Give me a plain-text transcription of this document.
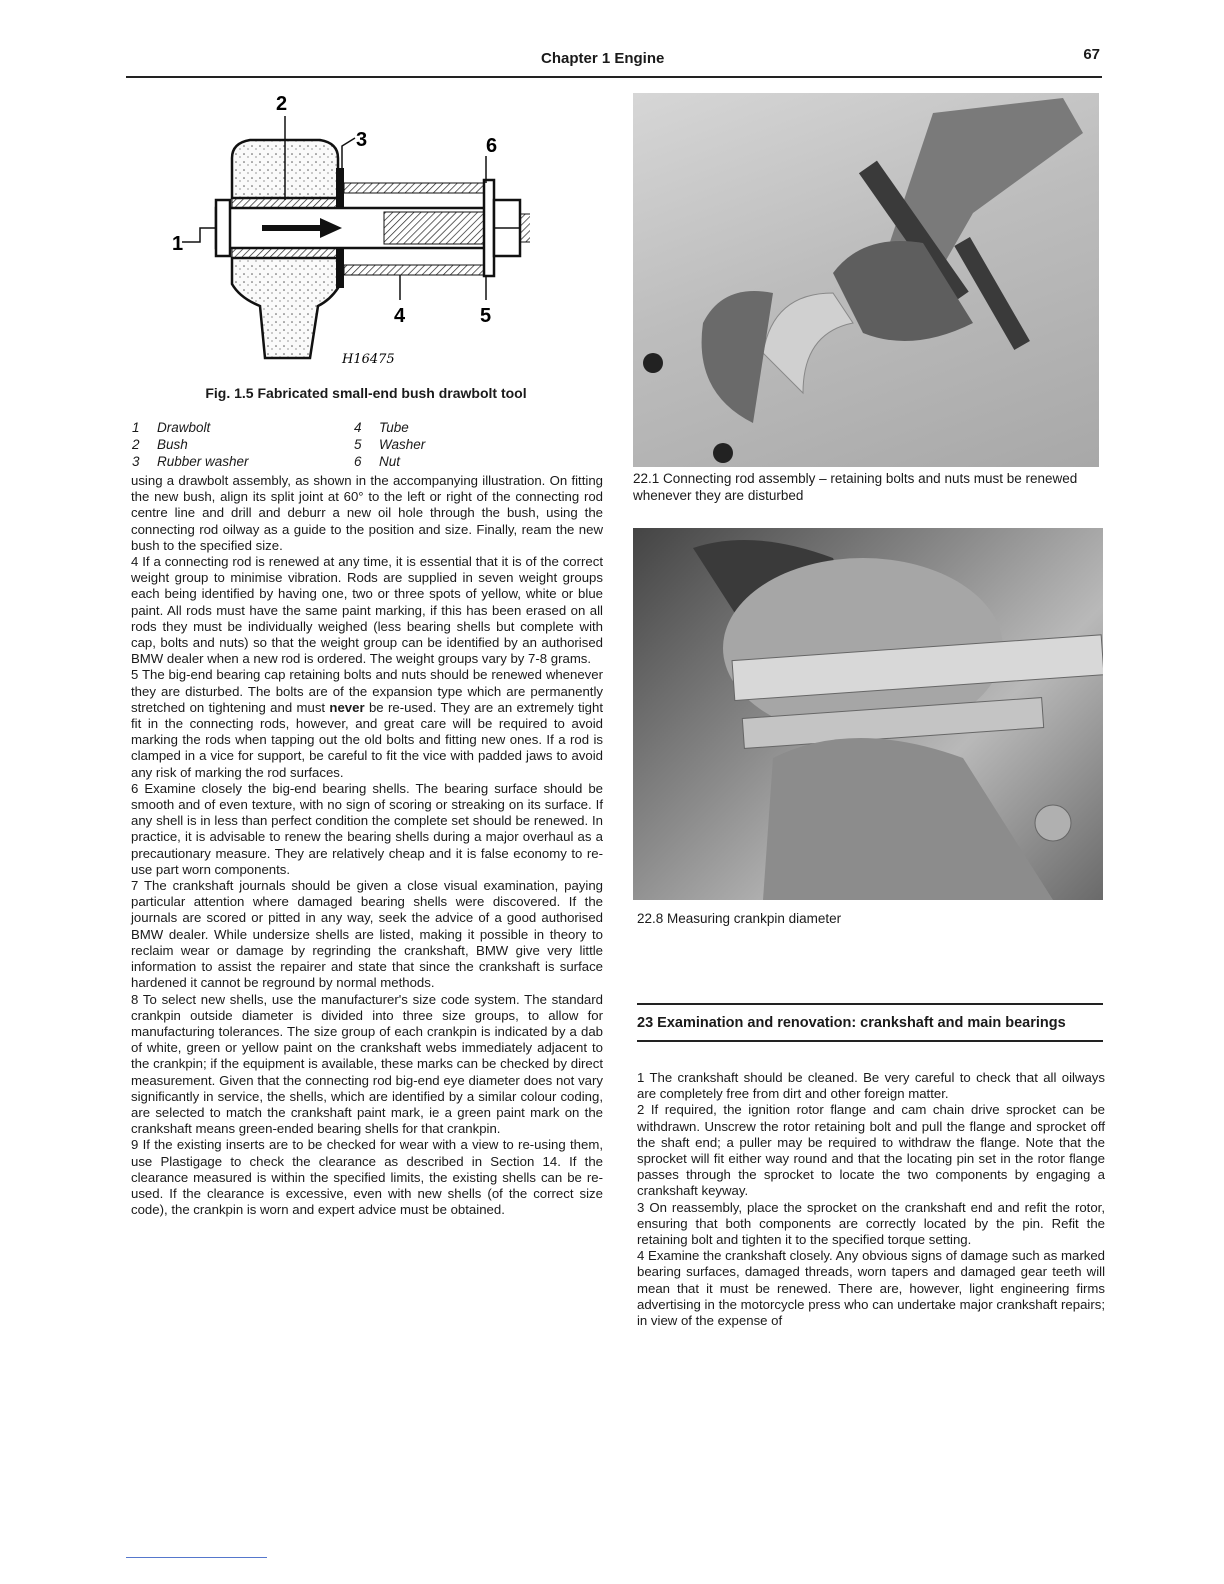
Chapter 1 Engine	67
2
3	6
1
4	5
H16475
Fig. 1.5 Fabricated small-end bush drawbolt tool
1 Drawbolt	4 Tube
2 Bush	5 Washer
3 Rubber washer	6 Nut

using a drawbolt assembly, as shown in the accompanying illustration. On fitting the new bush, align its split joint at 60° to the left or right of the connecting rod centre line and drill and deburr a new oil hole through the bush, using the connecting rod oilway as a guide to the position and size. Finally, ream the new bush to the specified size.

4 If a connecting rod is renewed at any time, it is essential that it is of the correct weight group to minimise vibration. Rods are supplied in seven weight groups each being identified by having one, two or three spots of yellow, white or blue paint. All rods must have the same paint marking, if this has been erased on all rods they must be individually weighed (less bearing shells but complete with cap, bolts and nuts) so that the weight group can be identified by an authorised BMW dealer when a new rod is ordered. The weight groups vary by 7-8 grams.

5 The big-end bearing cap retaining bolts and nuts should be renewed whenever they are disturbed. The bolts are of the expansion type which are permanently stretched on tightening and must never be re-used. They are an extremely tight fit in the connecting rods, however, and great care will be required to avoid marking the rods when tapping out the old bolts and fitting new ones. If a rod is clamped in a vice for support, be careful to fit the vice with padded jaws to avoid any risk of marking the rod surfaces.

6 Examine closely the big-end bearing shells. The bearing surface should be smooth and of even texture, with no sign of scoring or streaking on its surface. If any shell is in less than perfect condition the complete set should be renewed. In practice, it is advisable to renew the bearing shells during a major overhaul as a precautionary measure. They are relatively cheap and it is false economy to re-use part worn components.

7 The crankshaft journals should be given a close visual examination, paying particular attention where damaged bearing shells were discovered. If the journals are scored or pitted in any way, seek the advice of a good authorised BMW dealer. While undersize shells are listed, making it possible in theory to reclaim wear or damage by regrinding the crankshaft, BMW give very little information to assist the repairer and state that since the crankshaft is surface hardened it cannot be reground by normal methods.

8 To select new shells, use the manufacturer's size code system. The standard crankpin outside diameter is divided into three size groups, to allow for manufacturing tolerances. The size group of each crankpin is indicated by a dab of white, green or yellow paint on the crankshaft webs immediately adjacent to the crankpin; if the equipment is available, these marks can be checked by direct measurement. Given that the connecting rod big-end eye diameter does not vary significantly in service, the shells, which are identified by a similar colour coding, are selected to match the crankshaft paint mark, ie a green paint mark on the crankshaft means green-ended bearing shells for that crankpin.

9 If the existing inserts are to be checked for wear with a view to re-using them, use Plastigage to check the clearance as described in Section 14. If the clearance measured is within the specified limits, the existing shells can be re-used. If the clearance is excessive, even with new shells (of the correct size code), the crankpin is worn and expert advice must be obtained.

22.1 Connecting rod assembly – retaining bolts and nuts must be renewed whenever they are disturbed
22.8 Measuring crankpin diameter
23 Examination and renovation: crankshaft and main bearings

1 The crankshaft should be cleaned. Be very careful to check that all oilways are completely free from dirt and other foreign matter.

2 If required, the ignition rotor flange and cam chain drive sprocket can be withdrawn. Unscrew the rotor retaining bolt and pull the flange and sprocket off the shaft end; a puller may be required to withdraw the flange. Note that the sprocket will fit either way round and that the locating pin set in the rotor flange passes through the sprocket to locate the two components by engaging a crankshaft keyway.

3 On reassembly, place the sprocket on the crankshaft end and refit the rotor, ensuring that both components are correctly located by the pin. Refit the retaining bolt and tighten it to the specified torque setting.

4 Examine the crankshaft closely. Any obvious signs of damage such as marked bearing surfaces, damaged threads, worn tapers and damaged gear teeth will mean that it must be renewed. There are, however, light engineering firms advertising in the motorcycle press who can undertake major crankshaft repairs; in view of the expense of
